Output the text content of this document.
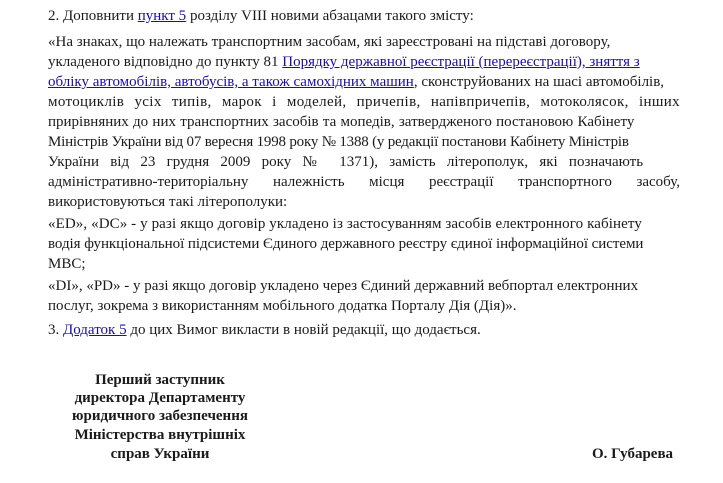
2. Доповнити пункт 5 розділу VIII новими абзацами такого змісту:
«На знаках, що належать транспортним засобам, які зареєстровані на підставі договору,
укладеного відповідно до пункту 81 Порядку державної реєстрації (перереєстрації), зняття з
обліку автомобілів, автобусів, а також самохідних машин, сконструйованих на шасі автомобілів,
мотоциклів усіх типів, марок і моделей, причепів, напівпричепів, мотоколясок, інших
прирівняних до них транспортних засобів та мопедів, затвердженого постановою Кабінету
Міністрів України від 07 вересня 1998 року № 1388 (у редакції постанови Кабінету Міністрів
України від 23 грудня 2009 року №  1371), замість літерополук, які позначають
адміністративно-територіальну належність місця реєстрації транспортного засобу,
використовуються такі літерополуки:
«ED», «DC» - у разі якщо договір укладено із застосуванням засобів електронного кабінету
водія функціональної підсистеми Єдиного державного реєстру єдиної інформаційної системи
МВС;
«DI», «PD» - у разі якщо договір укладено через Єдиний державний вебпортал електронних
послуг, зокрема з використанням мобільного додатка Порталу Дія (Дія)».
3. Додаток 5 до цих Вимог викласти в новій редакції, що додається.
Перший заступник
директора Департаменту
юридичного забезпечення
Міністерства внутрішніх
справ України	О. Губарева
